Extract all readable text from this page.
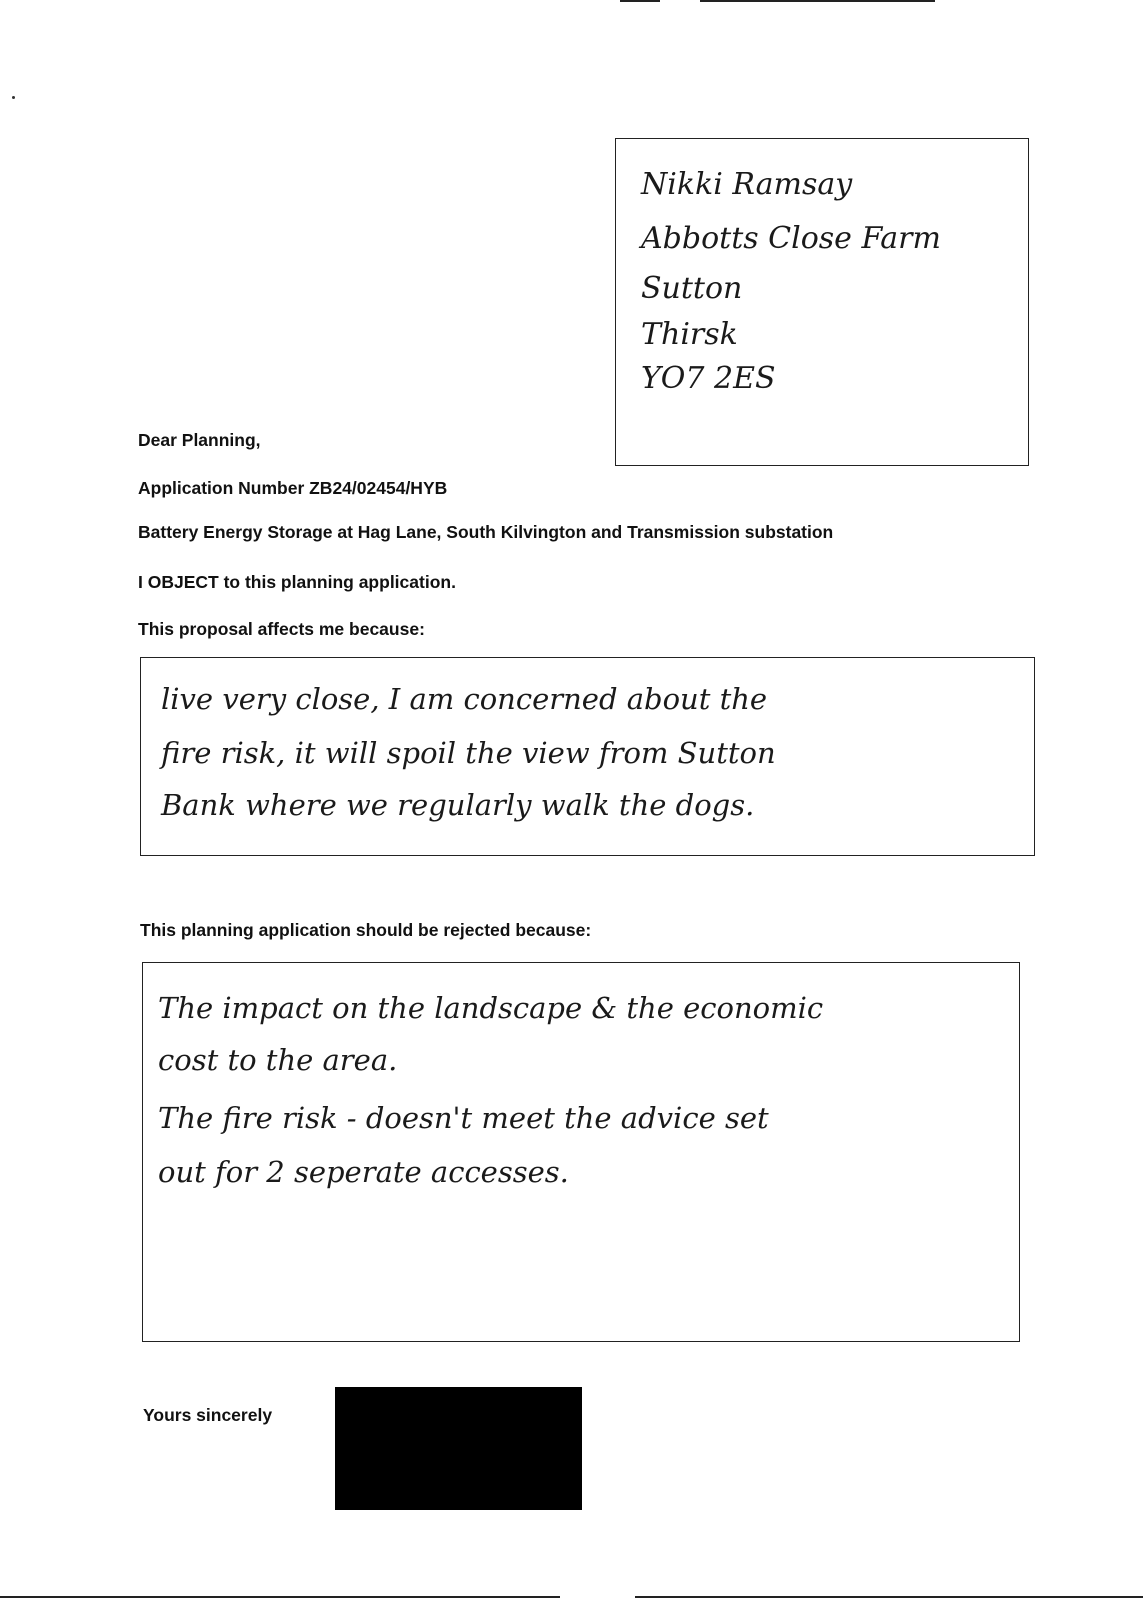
Nikki Ramsay
Abbotts Close Farm
Sutton
Thirsk
YO7 2ES
Dear Planning,
Application Number ZB24/02454/HYB
Battery Energy Storage at Hag Lane, South Kilvington and Transmission substation
I OBJECT to this planning application.
This proposal affects me because:
live very close, I am concerned about the
fire risk, it will spoil the view from Sutton
Bank where we regularly walk the dogs.
This planning application should be rejected because:
The impact on the landscape & the economic
cost to the area.
The fire risk - doesn't meet the advice set
out for 2 seperate accesses.
Yours sincerely
